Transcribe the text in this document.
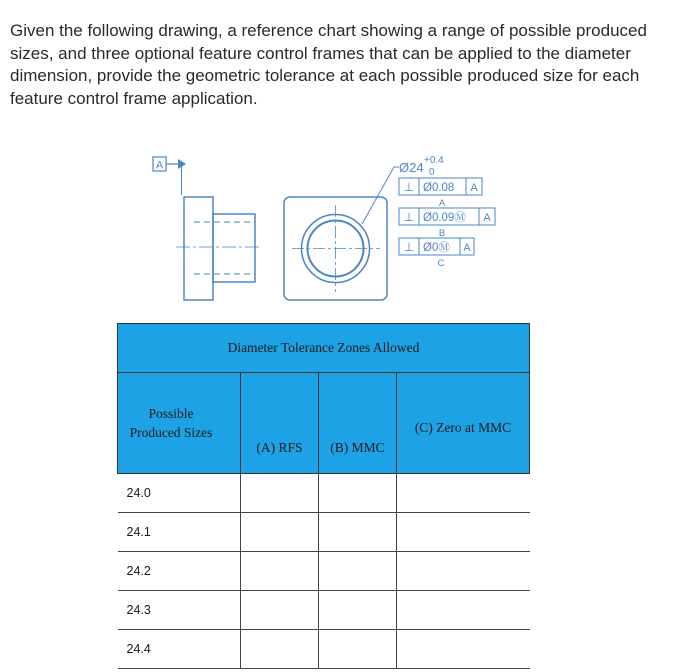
Given the following drawing, a reference chart showing a range of possible produced sizes, and three optional feature control frames that can be applied to the diameter dimension, provide the geometric tolerance at each possible produced size for each feature control frame application.

A	Ø24 +0.4
0
⊥ Ø0.08 A
A
⊥ Ø0.09Ⓜ A
B
⊥ Ø0Ⓜ A
C
Diameter Tolerance Zones Allowed			
Possible Produced Sizes	(A) RFS	(B) MMC	(C) Zero at MMC
24.0			
24.1			
24.2			
24.3			
24.4			
